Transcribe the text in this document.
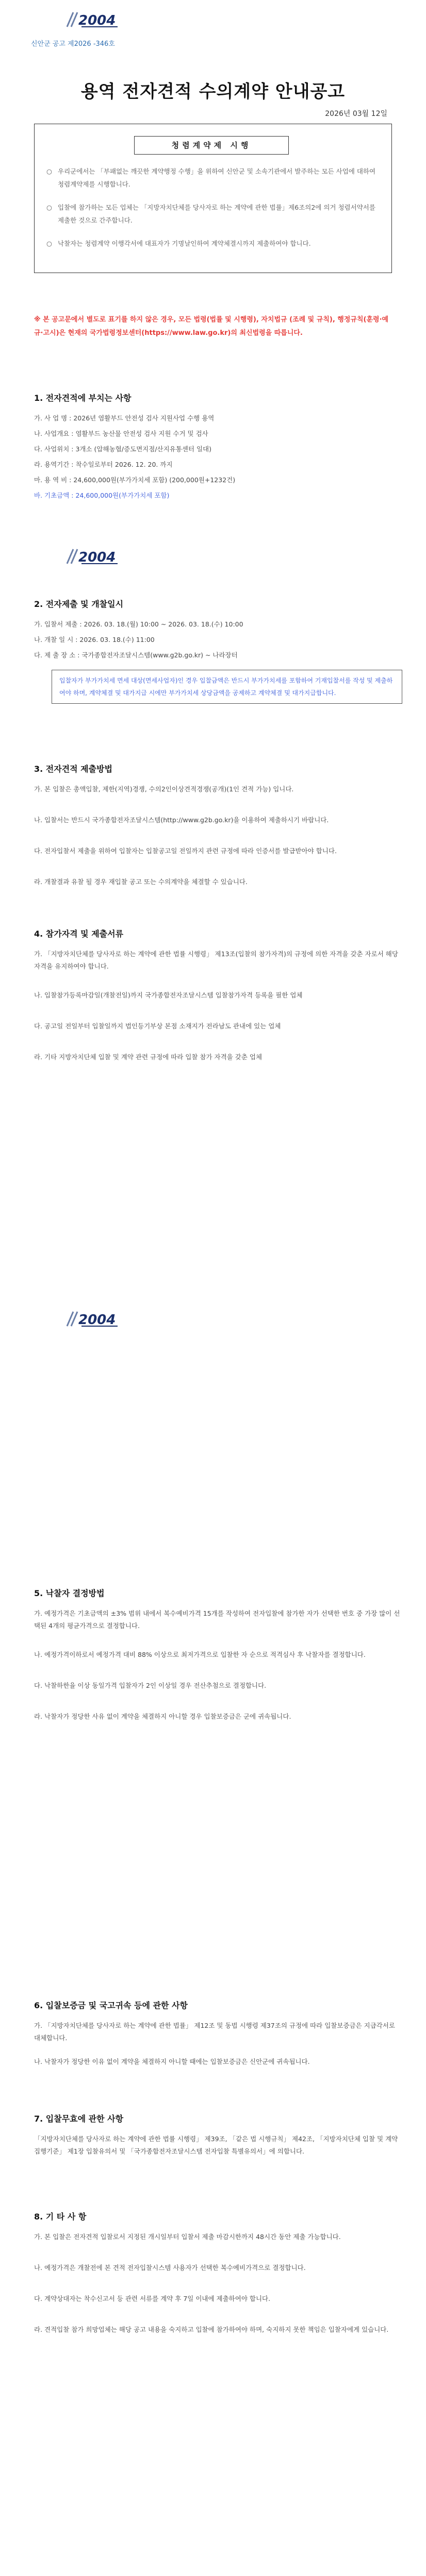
신안군 공고 제2026 -346호
2004
용역 전자견적 수의계약 안내공고
2026년 03월 12일
청렴계약제 시행
○ 우리군에서는 「부패없는 깨끗한 계약행정 수행」을 위하여 신안군 및 소속기관에서 발주하는 모든 사업에 대하여 청렴계약제를 시행합니다.
○ 입찰에 참가하는 모든 업체는 「지방자치단체를 당사자로 하는 계약에 관한 법률」제6조의2에 의거 청렴서약서를 제출한 것으로 간주합니다.
○ 낙찰자는 청렴계약 이행각서에 대표자가 기명날인하여 계약체결시까지 제출하여야 합니다.
※ 본 공고문에서 별도로 표기를 하지 않은 경우, 모든 법령(법률 및 시행령), 자치법규 (조례 및 규칙), 행정규칙(훈령·예규·고시)은 현재의 국가법령정보센터(https://www.law.go.kr)의 최신법령을 따릅니다.
1. 전자견적에 부치는 사항
가. 사 업 명 : 2026년 염활부드 안전성 검사 지원사업 수행 용역
나. 사업개요 : 염활부드 농산물 안전성 검사 지원 수거 및 검사
다. 사업위치 : 3개소 (압해농협/증도면지점/산지유통센터 일대)
라. 용역기간 : 착수일로부터 2026. 12. 20. 까지
마. 용 역 비 : 24,600,000원(부가가치세 포함) (200,000원+1232건)
바. 기초금액 : 24,600,000원(부가가치세 포함)
2004
2. 전자제출 및 개찰일시
가. 입찰서 제출 : 2026. 03. 18.(월) 10:00 ~ 2026. 03. 18.(수) 10:00
나. 개찰 일 시 : 2026. 03. 18.(수) 11:00
다. 제 출 장 소 : 국가종합전자조달시스템(www.g2b.go.kr) ~ 나라장터
입찰자가 부가가치세 면세 대상(면세사업자)인 경우 입찰금액은 반드시 부가가치세를 포함하여 기재입찰서를 작성 및 제출하여야 하며, 계약체결 및 대가지급 시에만 부가가치세 상당금액을 공제하고 계약체결 및 대가지급합니다.
3. 전자견적 제출방법
가. 본 입찰은 총액입찰, 제한(지역)경쟁, 수의2인이상견적경쟁(공개)(1인 견적 가능) 입니다.
나. 입찰서는 반드시 국가종합전자조달시스템(http://www.g2b.go.kr)을 이용하여 제출하시기 바랍니다.
다. 전자입찰서 제출을 위하여 입찰자는 입찰공고일 전일까지 관련 규정에 따라 인증서를 발급받아야 합니다.
라. 개찰결과 유찰 될 경우 재입찰 공고 또는 수의계약을 체결할 수 있습니다.
4. 참가자격 및 제출서류
가. 「지방자치단체를 당사자로 하는 계약에 관한 법률 시행령」 제13조(입찰의 참가자격)의 규정에 의한 자격을 갖춘 자로서 해당 자격을 유지하여야 합니다.
나. 입찰참가등록마감일(개찰전일)까지 국가종합전자조달시스템 입찰참가자격 등록을 필한 업체
다. 공고일 전일부터 입찰일까지 법인등기부상 본점 소재지가 전라남도 관내에 있는 업체
라. 기타 지방자치단체 입찰 및 계약 관련 규정에 따라 입찰 참가 자격을 갖춘 업체
2004
5. 낙찰자 결정방법
가. 예정가격은 기초금액의 ±3% 범위 내에서 복수예비가격 15개를 작성하여 전자입찰에 참가한 자가 선택한 번호 중 가장 많이 선택된 4개의 평균가격으로 결정합니다.
나. 예정가격이하로서 예정가격 대비 88% 이상으로 최저가격으로 입찰한 자 순으로 적격심사 후 낙찰자를 결정합니다.
다. 낙찰하한율 이상 동일가격 입찰자가 2인 이상일 경우 전산추첨으로 결정합니다.
라. 낙찰자가 정당한 사유 없이 계약을 체결하지 아니할 경우 입찰보증금은 군에 귀속됩니다.
6. 입찰보증금 및 국고귀속 등에 관한 사항
가. 「지방자치단체를 당사자로 하는 계약에 관한 법률」 제12조 및 동법 시행령 제37조의 규정에 따라 입찰보증금은 지급각서로 대체합니다.
나. 낙찰자가 정당한 이유 없이 계약을 체결하지 아니할 때에는 입찰보증금은 신안군에 귀속됩니다.
7. 입찰무효에 관한 사항
「지방자치단체를 당사자로 하는 계약에 관한 법률 시행령」 제39조, 「같은 법 시행규칙」 제42조, 「지방자치단체 입찰 및 계약집행기준」 제1장 입찰유의서 및 「국가종합전자조달시스템 전자입찰 특별유의서」에 의합니다.
8. 기 타 사 항
가. 본 입찰은 전자견적 입찰로서 지정된 개시일부터 입찰서 제출 마감시한까지 48시간 동안 제출 가능합니다.
나. 예정가격은 개찰전에 본 견적 전자입찰시스템 사용자가 선택한 복수예비가격으로 결정합니다.
다. 계약상대자는 착수신고서 등 관련 서류를 계약 후 7일 이내에 제출하여야 합니다.
라. 견적입찰 참가 희망업체는 해당 공고 내용을 숙지하고 입찰에 참가하여야 하며, 숙지하지 못한 책임은 입찰자에게 있습니다.
